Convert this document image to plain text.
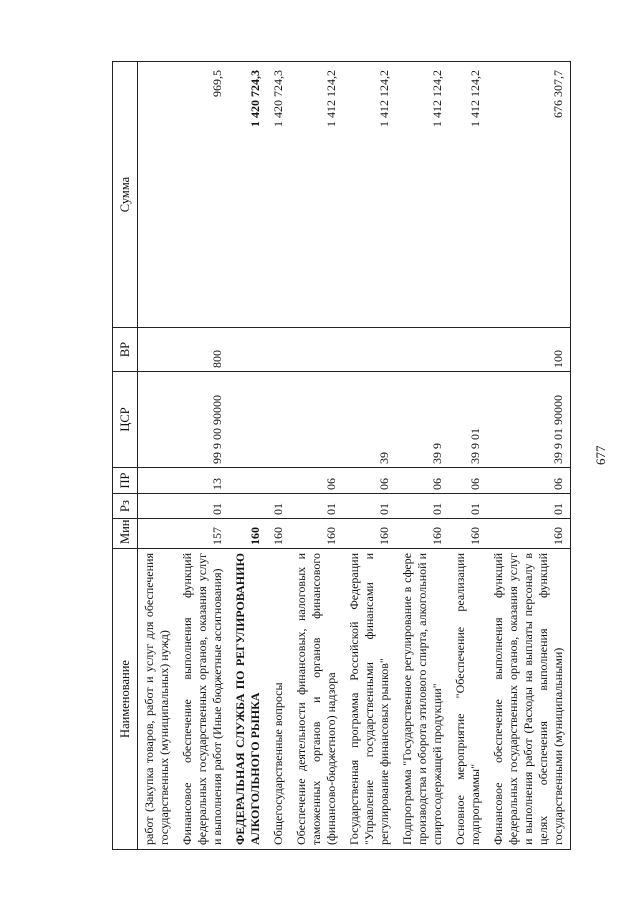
677
Наименование	Мин	Рз	ПР	ЦСР	ВР	Сумма
работ (Закупка товаров, работ и услуг для обеспечения государственных (муниципальных) нужд)						
Финансовое обеспечение выполнения функций федеральных государственных органов, оказания услуг и выполнения работ (Иные бюджетные ассигнования)	157	01	13	99 9 00 90000	800	969,5
ФЕДЕРАЛЬНАЯ СЛУЖБА ПО РЕГУЛИРОВАНИЮ АЛКОГОЛЬНОГО РЫНКА	160					1 420 724,3
Общегосударственные вопросы	160	01				1 420 724,3
Обеспечение деятельности финансовых, налоговых и таможенных органов и органов финансового (финансово-бюджетного) надзора	160	01	06			1 412 124,2
Государственная программа Российской Федерации "Управление государственными финансами и регулирование финансовых рынков"	160	01	06	39		1 412 124,2
Подпрограмма "Государственное регулирование в сфере производства и оборота этилового спирта, алкогольной и спиртосодержащей продукции"	160	01	06	39 9		1 412 124,2
Основное мероприятие "Обеспечение реализации подпрограммы"	160	01	06	39 9 01		1 412 124,2
Финансовое обеспечение выполнения функций федеральных государственных органов, оказания услуг и выполнения работ (Расходы на выплаты персоналу в целях обеспечения выполнения функций государственными (муниципальными)	160	01	06	39 9 01 90000	100	676 307,7
